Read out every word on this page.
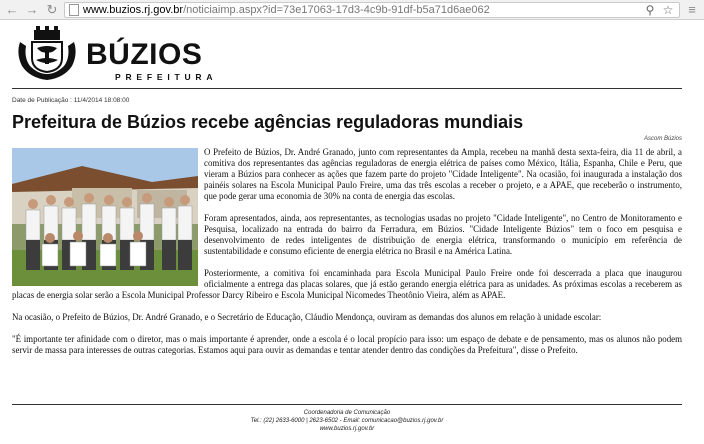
← → ↻ www.buzios.rj.gov.br/noticiaimp.aspx?id=73e17063-17d3-4c9b-91df-b5a71d6ae062	⚲ ☆	≡
BÚZIOS
PREFEITURA
Date de Publicação : 11/4/2014 18:08:00
Prefeitura de Búzios recebe agências reguladoras mundiais
Ascom Búzios

O Prefeito de Búzios, Dr. André Granado, junto com representantes da Ampla, recebeu na manhã desta sexta-feira, dia 11 de abril, a comitiva dos representantes das agências reguladoras de energia elétrica de países como México, Itália, Espanha, Chile e Peru, que vieram a Búzios para conhecer as ações que fazem parte do projeto "Cidade Inteligente". Na ocasião, foi inaugurada a instalação dos painéis solares na Escola Municipal Paulo Freire, uma das três escolas a receber o projeto, e a APAE, que receberão o instrumento, que pode gerar uma economia de 30% na conta de energia das escolas.

Foram apresentados, ainda, aos representantes, as tecnologias usadas no projeto "Cidade Inteligente", no Centro de Monitoramento e Pesquisa, localizado na entrada do bairro da Ferradura, em Búzios. "Cidade Inteligente Búzios" tem o foco em pesquisa e desenvolvimento de redes inteligentes de distribuição de energia elétrica, transformando o município em referência de sustentabilidade e consumo eficiente de energia elétrica no Brasil e na América Latina.

Posteriormente, a comitiva foi encaminhada para Escola Municipal Paulo Freire onde foi descerrada a placa que inaugurou oficialmente a entrega das placas solares, que já estão gerando energia elétrica para as unidades. As próximas escolas a receberem as placas de energia solar serão a Escola Municipal Professor Darcy Ribeiro e Escola Municipal Nicomedes Theotônio Vieira, além as APAE.

Na ocasião, o Prefeito de Búzios, Dr. André Granado, e o Secretário de Educação, Cláudio Mendonça, ouviram as demandas dos alunos em relação à unidade escolar:

"É importante ter afinidade com o diretor, mas o mais importante é aprender, onde a escola é o local propício para isso: um espaço de debate e de pensamento, mas os alunos não podem servir de massa para interesses de outras categorias. Estamos aqui para ouvir as demandas e tentar atender dentro das condições da Prefeitura", disse o Prefeito.

Coordenadoria de Comunicação
Tel.: (22) 2633-6000 | 2623-6502 - Email: comunicacao@buzios.rj.gov.br
www.buzios.rj.gov.br
